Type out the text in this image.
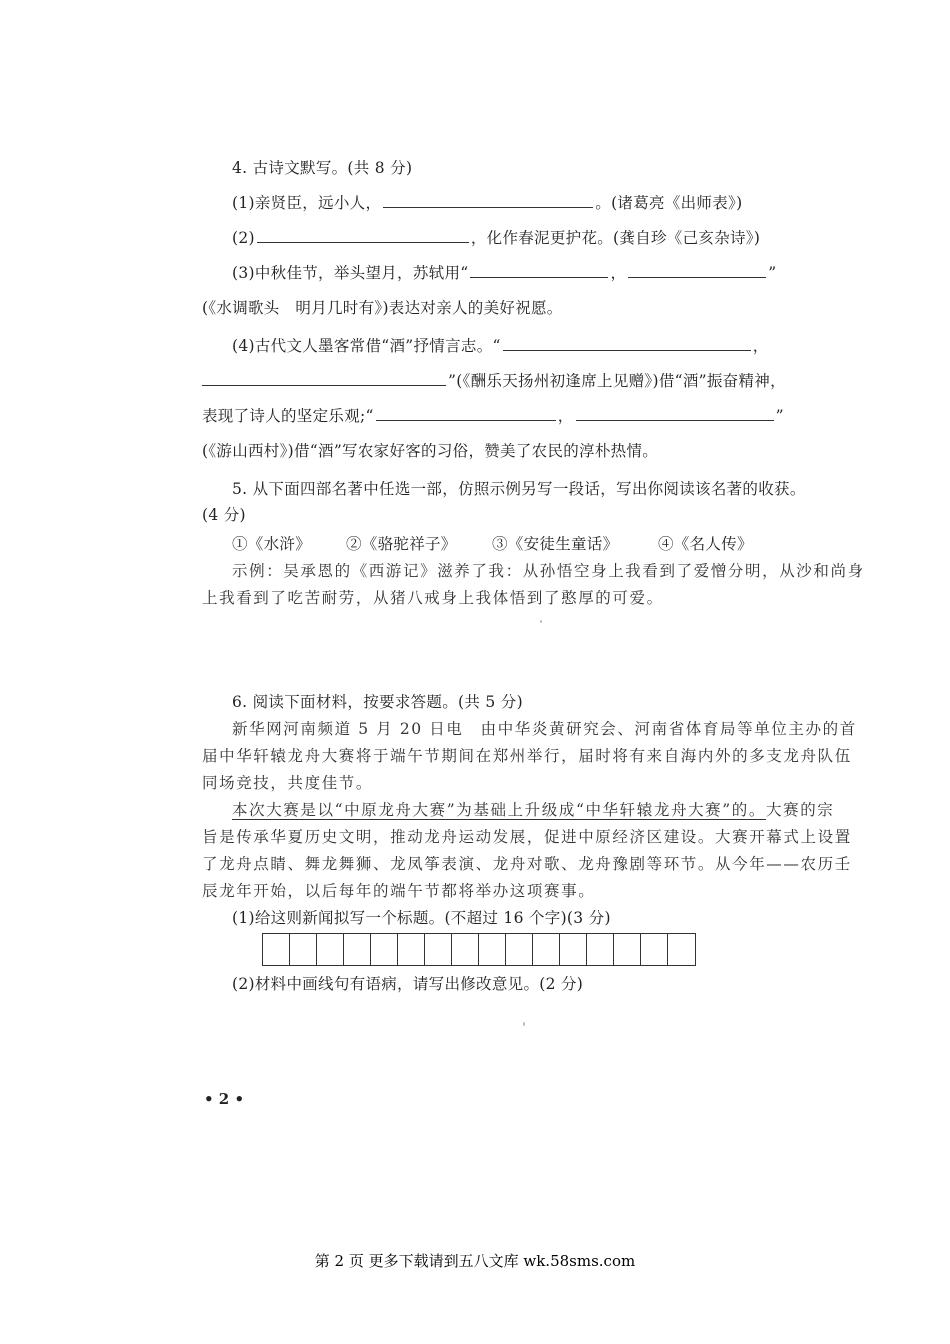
4. 古诗文默写。(共 8 分)
(1)亲贤臣，远小人，	。(诸葛亮《出师表》)
(2)	，化作春泥更护花。(龚自珍《己亥杂诗》)
(3)中秋佳节，举头望月，苏轼用“	，	”
(《水调歌头　明月几时有》)表达对亲人的美好祝愿。
(4)古代文人墨客常借“酒”抒情言志。“	，
”(《酬乐天扬州初逢席上见赠》)借“酒”振奋精神，
表现了诗人的坚定乐观;“	，	”
(《游山西村》)借“酒”写农家好客的习俗，赞美了农民的淳朴热情。
5. 从下面四部名著中任选一部，仿照示例另写一段话，写出你阅读该名著的收获。
(4 分)
①《水浒》 ②《骆驼祥子》 ③《安徒生童话》	④《名人传》
示例：吴承恩的《西游记》滋养了我：从孙悟空身上我看到了爱憎分明，从沙和尚身
上我看到了吃苦耐劳，从猪八戒身上我体悟到了憨厚的可爱。
6. 阅读下面材料，按要求答题。(共 5 分)
新华网河南频道 5 月 20 日电　由中华炎黄研究会、河南省体育局等单位主办的首
届中华轩辕龙舟大赛将于端午节期间在郑州举行，届时将有来自海内外的多支龙舟队伍
同场竞技，共度佳节。
本次大赛是以“中原龙舟大赛”为基础上升级成“中华轩辕龙舟大赛”的。大赛的宗
旨是传承华夏历史文明，推动龙舟运动发展，促进中原经济区建设。大赛开幕式上设置
了龙舟点睛、舞龙舞狮、龙凤筝表演、龙舟对歌、龙舟豫剧等环节。从今年——农历壬
辰龙年开始，以后每年的端午节都将举办这项赛事。
(1)给这则新闻拟写一个标题。(不超过 16 个字)(3 分)
(2)材料中画线句有语病，请写出修改意见。(2 分)
• 2 •
第 2 页 更多下载请到五八文库 wk.58sms.com
